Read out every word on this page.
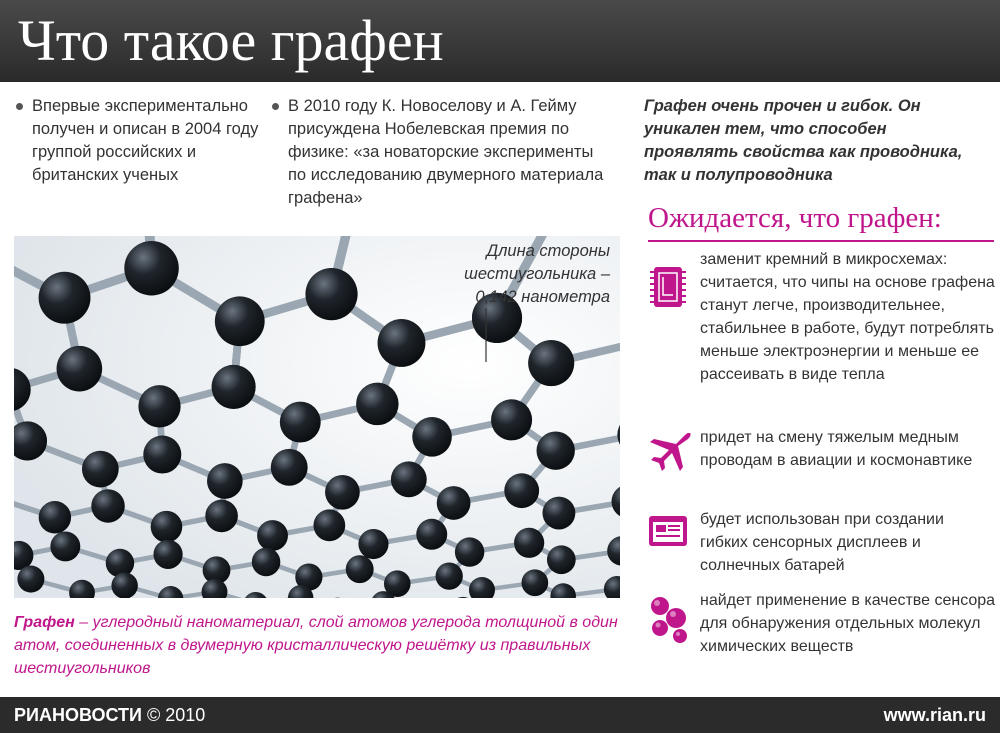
Что такое графен
Впервые экспериментально получен и описан в 2004 году группой российских и британских ученых
В 2010 году К. Новоселову и А. Гейму присуждена Нобелевская премия по физике: «за новаторские эксперименты по исследованию двумерного материала графена»
Графен очень прочен и гибок. Он уникален тем, что способен проявлять свойства как проводника, так и полупроводника
Ожидается, что графен:
заменит кремний в микросхемах: считается, что чипы на основе графена станут легче, производительнее, стабильнее в работе, будут потреблять меньше электроэнергии и меньше ее рассеивать в виде тепла
придет на смену тяжелым медным проводам в авиации и космонавтике
будет использован при создании гибких сенсорных дисплеев и солнечных батарей
найдет применение в качестве сенсора для обнаружения отдельных молекул химических веществ
Длина стороны шестиугольника – 0,142 нанометра
Графен – углеродный наноматериал, слой атомов углерода толщиной в один атом, соединенных в двумерную кристаллическую решётку из правильных шестиугольников
РИАНОВОСТИ © 2010	www.rian.ru
